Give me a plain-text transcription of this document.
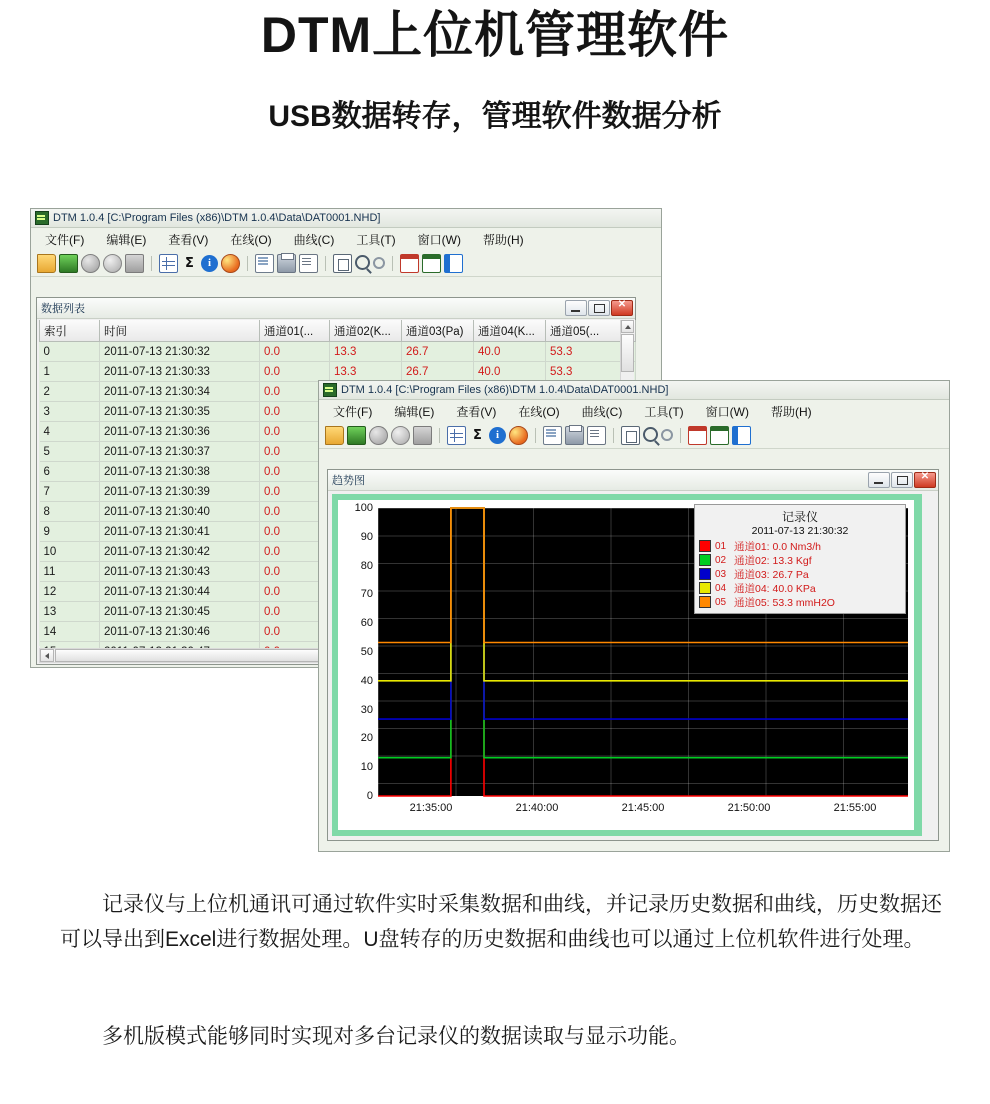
DTM上位机管理软件
USB数据转存，管理软件数据分析
DTM 1.0.4 [C:\Program Files (x86)\DTM 1.0.4\Data\DAT0001.NHD]
文件(F)	编辑(E)	查看(V)	在线(O)	曲线(C)	工具(T)	窗口(W)	帮助(H)
Σ	i
数据列表
✕
索引	时间	通道01(...	通道02(K...	通道03(Pa)	通道04(K...	通道05(...
0	2011-07-13 21:30:32	0.0	13.3	26.7	40.0	53.3
1	2011-07-13 21:30:33	0.0	13.3	26.7	40.0	53.3
2	2011-07-13 21:30:34	0.0				
3	2011-07-13 21:30:35	0.0				
4	2011-07-13 21:30:36	0.0				
5	2011-07-13 21:30:37	0.0				
6	2011-07-13 21:30:38	0.0				
7	2011-07-13 21:30:39	0.0				
8	2011-07-13 21:30:40	0.0				
9	2011-07-13 21:30:41	0.0				
10	2011-07-13 21:30:42	0.0				
11	2011-07-13 21:30:43	0.0				
12	2011-07-13 21:30:44	0.0				
13	2011-07-13 21:30:45	0.0				
14	2011-07-13 21:30:46	0.0				

DTM 1.0.4 [C:\Program Files (x86)\DTM 1.0.4\Data\DAT0001.NHD]
文件(F)	编辑(E)	查看(V)	在线(O)	曲线(C)	工具(T)	窗口(W)	帮助(H)
Σ	i
趋势图
✕
0
10
20
30
40
50
60
70
80
90
100
21:35:00	21:40:00	21:45:00	21:50:00	21:55:00
记录仪
2011-07-13 21:30:32
01 通道01: 0.0 Nm3/h
02 通道02: 13.3 Kgf
03 通道03: 26.7 Pa
04 通道04: 40.0 KPa
05 通道05: 53.3 mmH2O
　　记录仪与上位机通讯可通过软件实时采集数据和曲线，并记录历史数据和曲线，历史数据还可以导出到Excel进行数据处理。U盘转存的历史数据和曲线也可以通过上位机软件进行处理。
　　多机版模式能够同时实现对多台记录仪的数据读取与显示功能。
